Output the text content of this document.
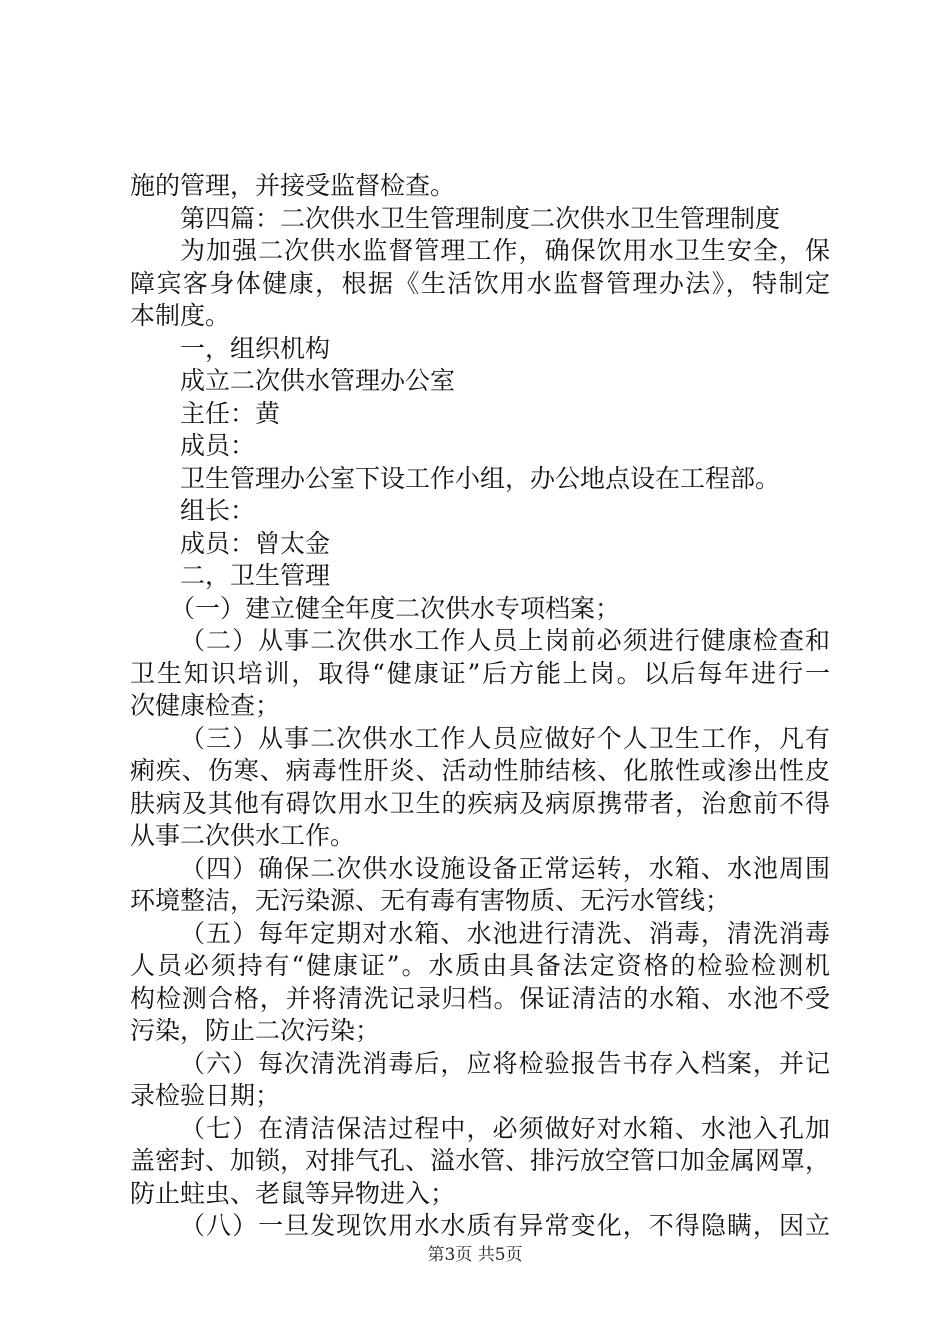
施的管理，并接受监督检查。
第四篇：二次供水卫生管理制度二次供水卫生管理制度
为加强二次供水监督管理工作，确保饮用水卫生安全，保
障宾客身体健康，根据《生活饮用水监督管理办法》，特制定
本制度。
一，组织机构
成立二次供水管理办公室
主任：黄
成员：
卫生管理办公室下设工作小组，办公地点设在工程部。
组长：
成员：曾太金
二，卫生管理
（一）建立健全年度二次供水专项档案；
（二）从事二次供水工作人员上岗前必须进行健康检查和
卫生知识培训，取得“健康证”后方能上岗。以后每年进行一
次健康检查；
（三）从事二次供水工作人员应做好个人卫生工作，凡有
痢疾、伤寒、病毒性肝炎、活动性肺结核、化脓性或渗出性皮
肤病及其他有碍饮用水卫生的疾病及病原携带者，治愈前不得
从事二次供水工作。
（四）确保二次供水设施设备正常运转，水箱、水池周围
环境整洁，无污染源、无有毒有害物质、无污水管线；
（五）每年定期对水箱、水池进行清洗、消毒，清洗消毒
人员必须持有“健康证”。水质由具备法定资格的检验检测机
构检测合格，并将清洗记录归档。保证清洁的水箱、水池不受
污染，防止二次污染；
（六）每次清洗消毒后，应将检验报告书存入档案，并记
录检验日期；
（七）在清洁保洁过程中，必须做好对水箱、水池入孔加
盖密封、加锁，对排气孔、溢水管、排污放空管口加金属网罩，
防止蛀虫、老鼠等异物进入；
（八）一旦发现饮用水水质有异常变化，不得隐瞒，因立
第3页 共5页
